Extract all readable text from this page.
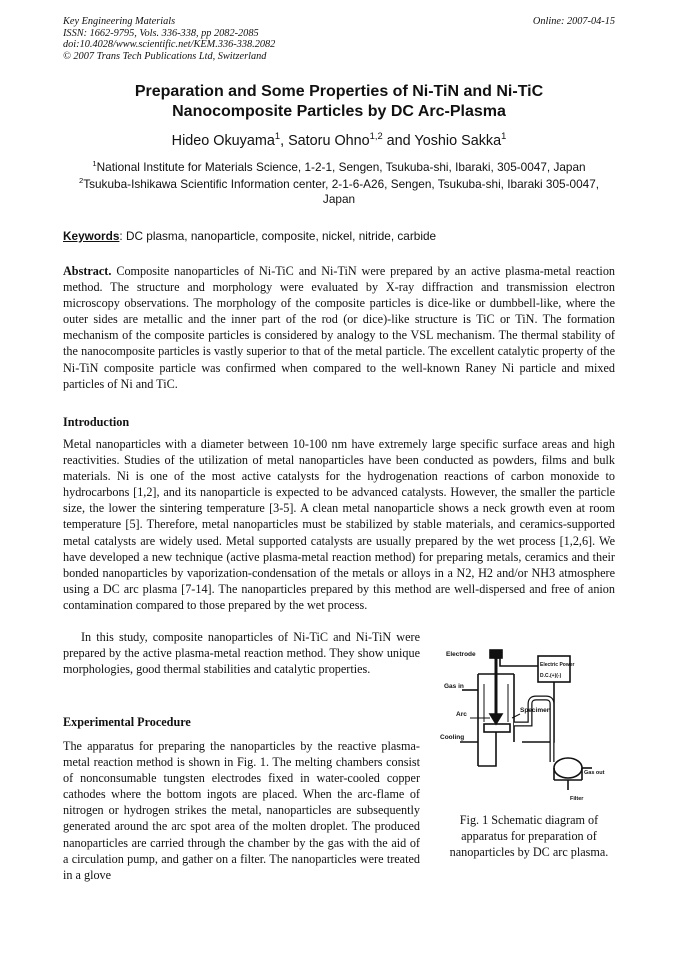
Key Engineering Materials
ISSN: 1662-9795, Vols. 336-338, pp 2082-2085
doi:10.4028/www.scientific.net/KEM.336-338.2082
© 2007 Trans Tech Publications Ltd, Switzerland
Online: 2007-04-15
Preparation and Some Properties of Ni-TiN and Ni-TiC
Nanocomposite Particles by DC Arc-Plasma
Hideo Okuyama$^1$, Satoru Ohno$^{1,2}$ and Yoshio Sakka$^1$
$^1$National Institute for Materials Science, 1-2-1, Sengen, Tsukuba-shi, Ibaraki, 305-0047, Japan
$^2$Tsukuba-Ishikawa Scientific Information center, 2-1-6-A26, Sengen, Tsukuba-shi, Ibaraki 305-0047, Japan
Keywords: DC plasma, nanoparticle, composite, nickel, nitride, carbide
Abstract. Composite nanoparticles of Ni-TiC and Ni-TiN were prepared by an active plasma-metal reaction method. The structure and morphology were evaluated by X-ray diffraction and transmission electron microscopy observations. The morphology of the composite particles is dice-like or dumbbell-like, where the outer sides are metallic and the inner part of the rod (or dice)-like structure is TiC or TiN. The formation mechanism of the composite particles is considered by analogy to the VSL mechanism. The thermal stability of the nanocomposite particles is vastly superior to that of the metal particle. The excellent catalytic property of the Ni-TiN composite particle was confirmed when compared to the well-known Raney Ni particle and mixed particles of Ni and TiC.
Introduction
Metal nanoparticles with a diameter between 10-100 nm have extremely large specific surface areas and high reactivities. Studies of the utilization of metal nanoparticles have been conducted as powders, films and bulk materials. Ni is one of the most active catalysts for the hydrogenation reactions of carbon monoxide to hydrocarbons [1,2], and its nanoparticle is expected to be advanced catalysts. However, the smaller the particle size, the lower the sintering temperature [3-5]. A clean metal nanoparticle shows a neck growth even at room temperature [5]. Therefore, metal nanoparticles must be stabilized by stable materials, and ceramics-supported metal catalysts are widely used. Metal supported catalysts are usually prepared by the wet process [1,2,6]. We have developed a new technique (active plasma-metal reaction method) for preparing metals, ceramics and their bonded nanoparticles by vaporization-condensation of the metals or alloys in a N2, H2 and/or NH3 atmosphere using a DC arc plasma [7-14]. The nanoparticles prepared by this method are well-dispersed and free of anion contamination compared to those prepared by the wet process.
In this study, composite nanoparticles of Ni-TiC and Ni-TiN were prepared by the active plasma-metal reaction method. They show unique morphologies, good thermal stabilities and catalytic properties.
Experimental Procedure
The apparatus for preparing the nanoparticles by the reactive plasma-metal reaction method is shown in Fig. 1. The melting chambers consist of nonconsumable tungsten electrodes fixed in water-cooled copper cathodes where the bottom ingots are placed. When the arc-flame of nitrogen or hydrogen strikes the metal, nanoparticles are subsequently generated around the arc spot area of the molten droplet. The produced nanoparticles are carried through the chamber by the gas with the aid of a circulation pump, and gather on a filter. The nanoparticles were treated in a glove
Electrode
Gas in
Arc
Specimen
Electric Power
D.C.(+)(-)
Cooling
Gas out
Filter
Fig. 1 Schematic diagram of apparatus for preparation of nanoparticles by DC arc plasma.
